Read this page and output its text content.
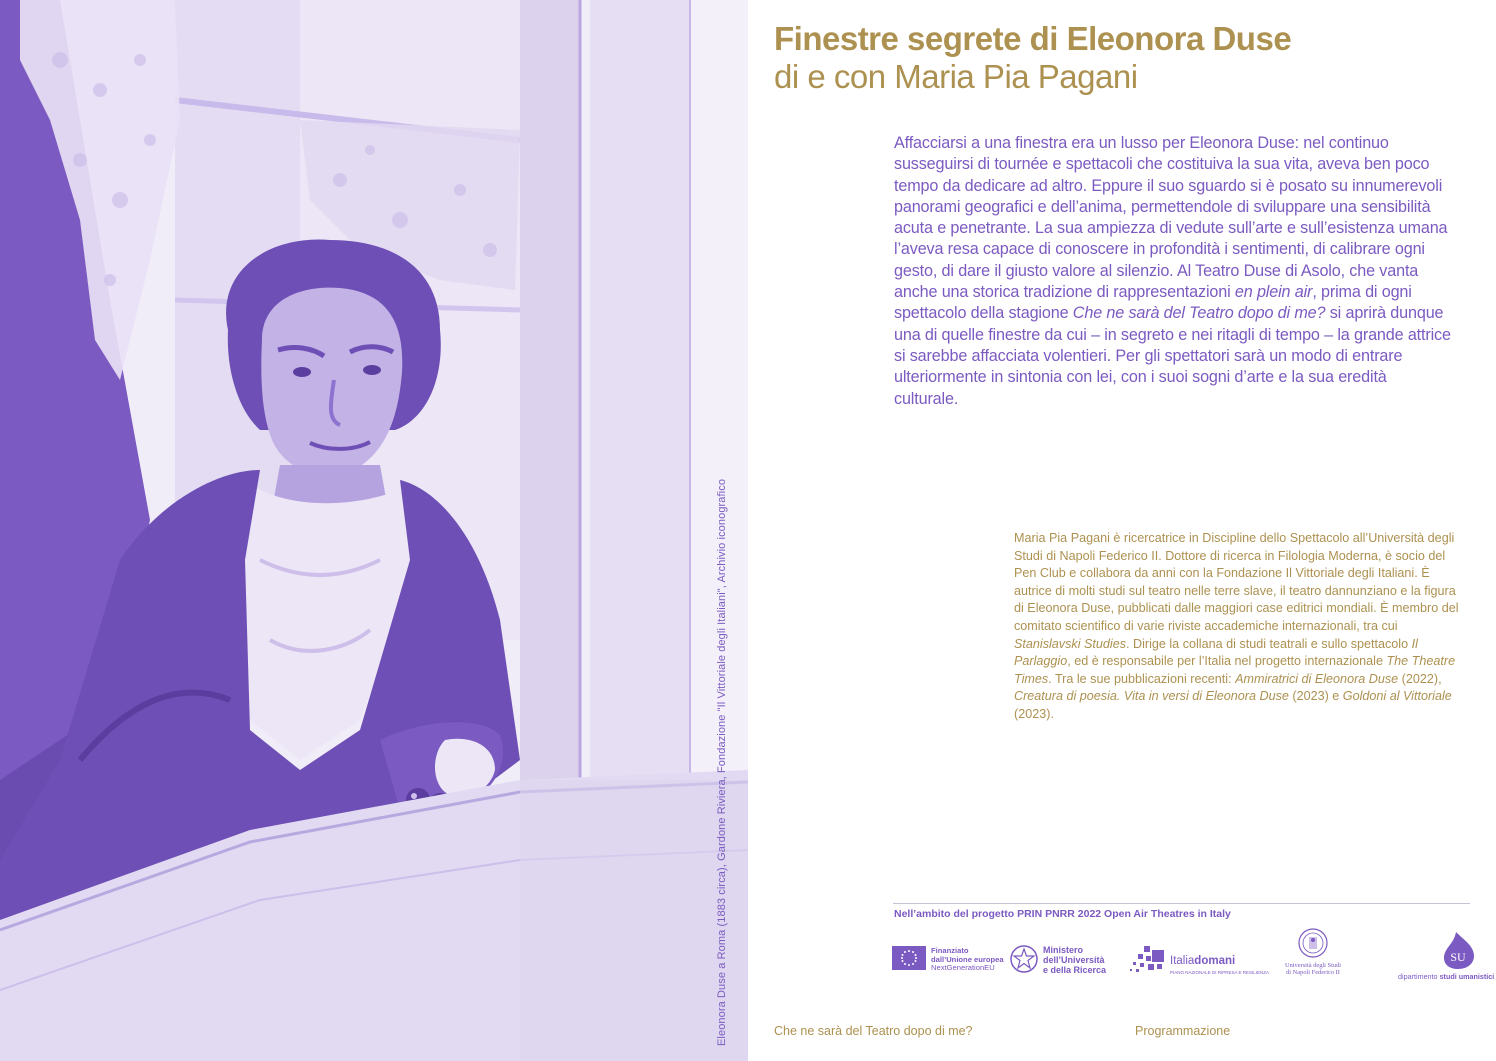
Eleonora Duse a Roma (1883 circa), Gardone Riviera, Fondazione "Il Vittoriale degli Italiani", Archivio iconografico
Finestre segrete di Eleonora Duse
di e con Maria Pia Pagani

Affacciarsi a una finestra era un lusso per Eleonora Duse: nel continuo susseguirsi di tournée e spettacoli che costituiva la sua vita, aveva ben poco tempo da dedicare ad altro. Eppure il suo sguardo si è posato su innumerevoli panorami geografici e dell’anima, permettendole di sviluppare una sensibilità acuta e penetrante. La sua ampiezza di vedute sull’arte e sull’esistenza umana l’aveva resa capace di conoscere in profondità i sentimenti, di calibrare ogni gesto, di dare il giusto valore al silenzio. Al Teatro Duse di Asolo, che vanta anche una storica tradizione di rappresentazioni en plein air, prima di ogni spettacolo della stagione Che ne sarà del Teatro dopo di me? si aprirà dunque una di quelle finestre da cui – in segreto e nei ritagli di tempo – la grande attrice si sarebbe affacciata volentieri. Per gli spettatori sarà un modo di entrare ulteriormente in sintonia con lei, con i suoi sogni d’arte e la sua eredità culturale.

Maria Pia Pagani è ricercatrice in Discipline dello Spettacolo all’Università degli Studi di Napoli Federico II. Dottore di ricerca in Filologia Moderna, è socio del Pen Club e collabora da anni con la Fondazione Il Vittoriale degli Italiani. È autrice di molti studi sul teatro nelle terre slave, il teatro dannunziano e la figura di Eleonora Duse, pubblicati dalle maggiori case editrici mondiali. È membro del comitato scientifico di varie riviste accademiche internazionali, tra cui Stanislavski Studies. Dirige la collana di studi teatrali e sullo spettacolo Il Parlaggio, ed è responsabile per l’Italia nel progetto internazionale The Theatre Times. Tra le sue pubblicazioni recenti: Ammiratrici di Eleonora Duse (2022), Creatura di poesia. Vita in versi di Eleonora Duse (2023) e Goldoni al Vittoriale (2023).

Nell’ambito del progetto PRIN PNRR 2022 Open Air Theatres in Italy
Finanziato
dall’Unione europea
NextGenerationEU
Ministero
dell’Università
e della Ricerca
Italiadomani
PIANO NAZIONALE DI RIPRESA E RESILIENZA
Università degli Studi
di Napoli Federico II
SU
dipartimento studi umanistici
Che ne sarà del Teatro dopo di me?	Programmazione
